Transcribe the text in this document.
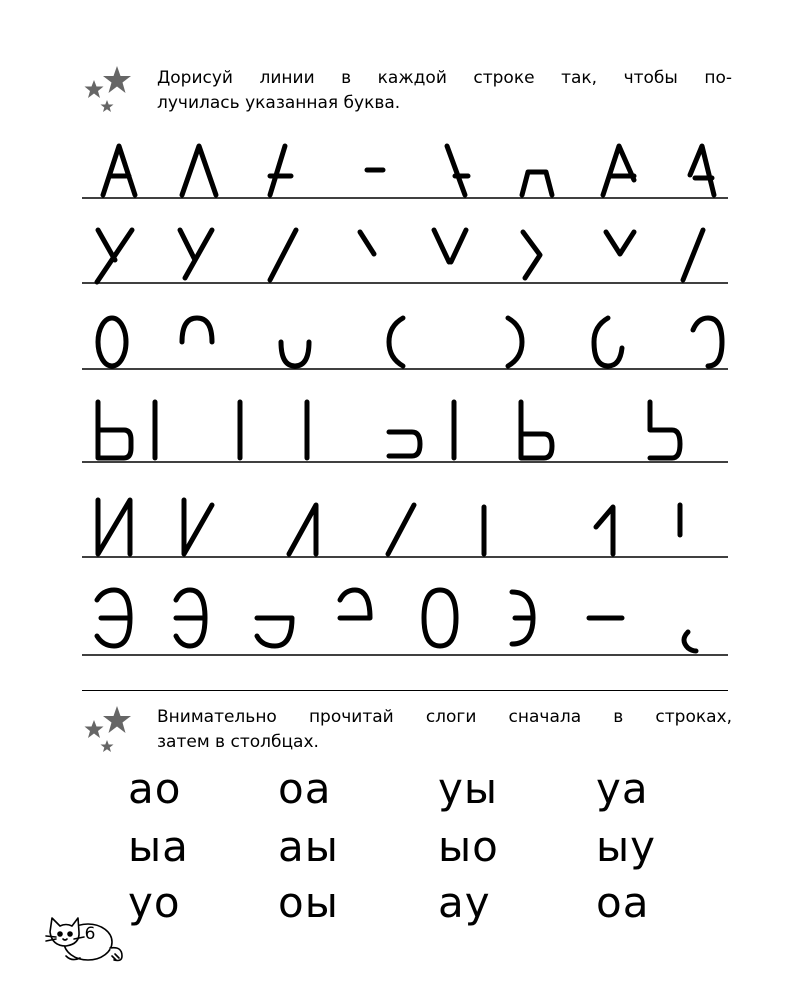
Дорисуй линии в каждой строке так, чтобы по-
лучилась указанная буква.
Внимательно прочитай слоги сначала в строках,
затем в столбцах.
ао оа	уы уа
ыа аы ыо ыу
уо оы ау	оа
6
